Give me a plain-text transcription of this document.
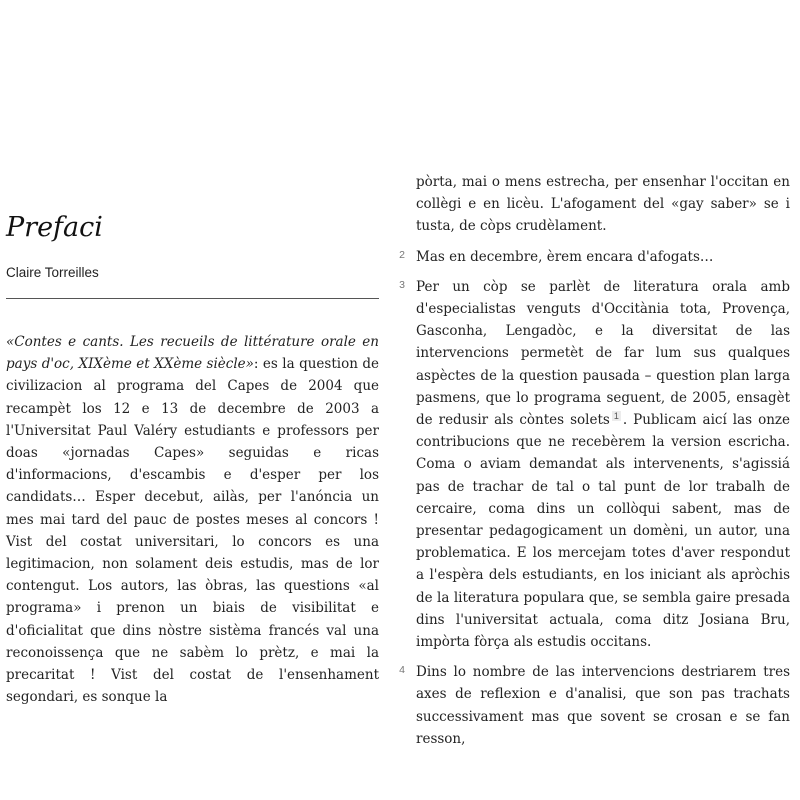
Prefaci
Claire Torreilles

«Contes e cants. Les recueils de littérature orale en pays d'oc, XIXème et XXème siècle»: es la question de civilizacion al programa del Capes de 2004 que recampèt los 12 e 13 de decembre de 2003 a l'Universitat Paul Valéry estudiants e professors per doas «jornadas Capes» seguidas e ricas d'informacions, d'escambis e d'esper per los candidats… Esper decebut, ailàs, per l'anóncia un mes mai tard del pauc de postes meses al concors ! Vist del costat universitari, lo concors es una legitimacion, non solament deis estudis, mas de lor contengut. Los autors, las òbras, las questions «al programa» i prenon un biais de visibilitat e d'oficialitat que dins nòstre sistèma francés val una reconoissença que ne sabèm lo prètz, e mai la precaritat ! Vist del costat de l'ensenhament segondari, es sonque la

pòrta, mai o mens estrecha, per ensenhar l'occitan en collègi e en licèu. L'afogament del «gay saber» se i tusta, de còps crudèlament.

2 Mas en decembre, èrem encara d'afogats…

3 Per un còp se parlèt de literatura orala amb d'especialistas venguts d'Occitània tota, Provença, Gasconha, Lengadòc, e la diversitat de las intervencions permetèt de far lum sus qualques aspèctes de la question pausada – question plan larga pasmens, que lo programa seguent, de 2005, ensagèt de redusir als còntes solets $^1$ . Publicam aicí las onze contribucions que ne recebèrem la version escricha. Coma o aviam demandat als intervenents, s'agissiá pas de trachar de tal o tal punt de lor trabalh de cercaire, coma dins un collòqui sabent, mas de presentar pedagogicament un domèni, un autor, una problematica. E los mercejam totes d'aver respondut a l'espèra dels estudiants, en los iniciant als apròchis de la literatura populara que, se sembla gaire presada dins l'universitat actuala, coma ditz Josiana Bru, impòrta fòrça als estudis occitans.

4 Dins lo nombre de las intervencions destriarem tres axes de reflexion e d'analisi, que son pas trachats successivament mas que sovent se crosan e se fan resson,
